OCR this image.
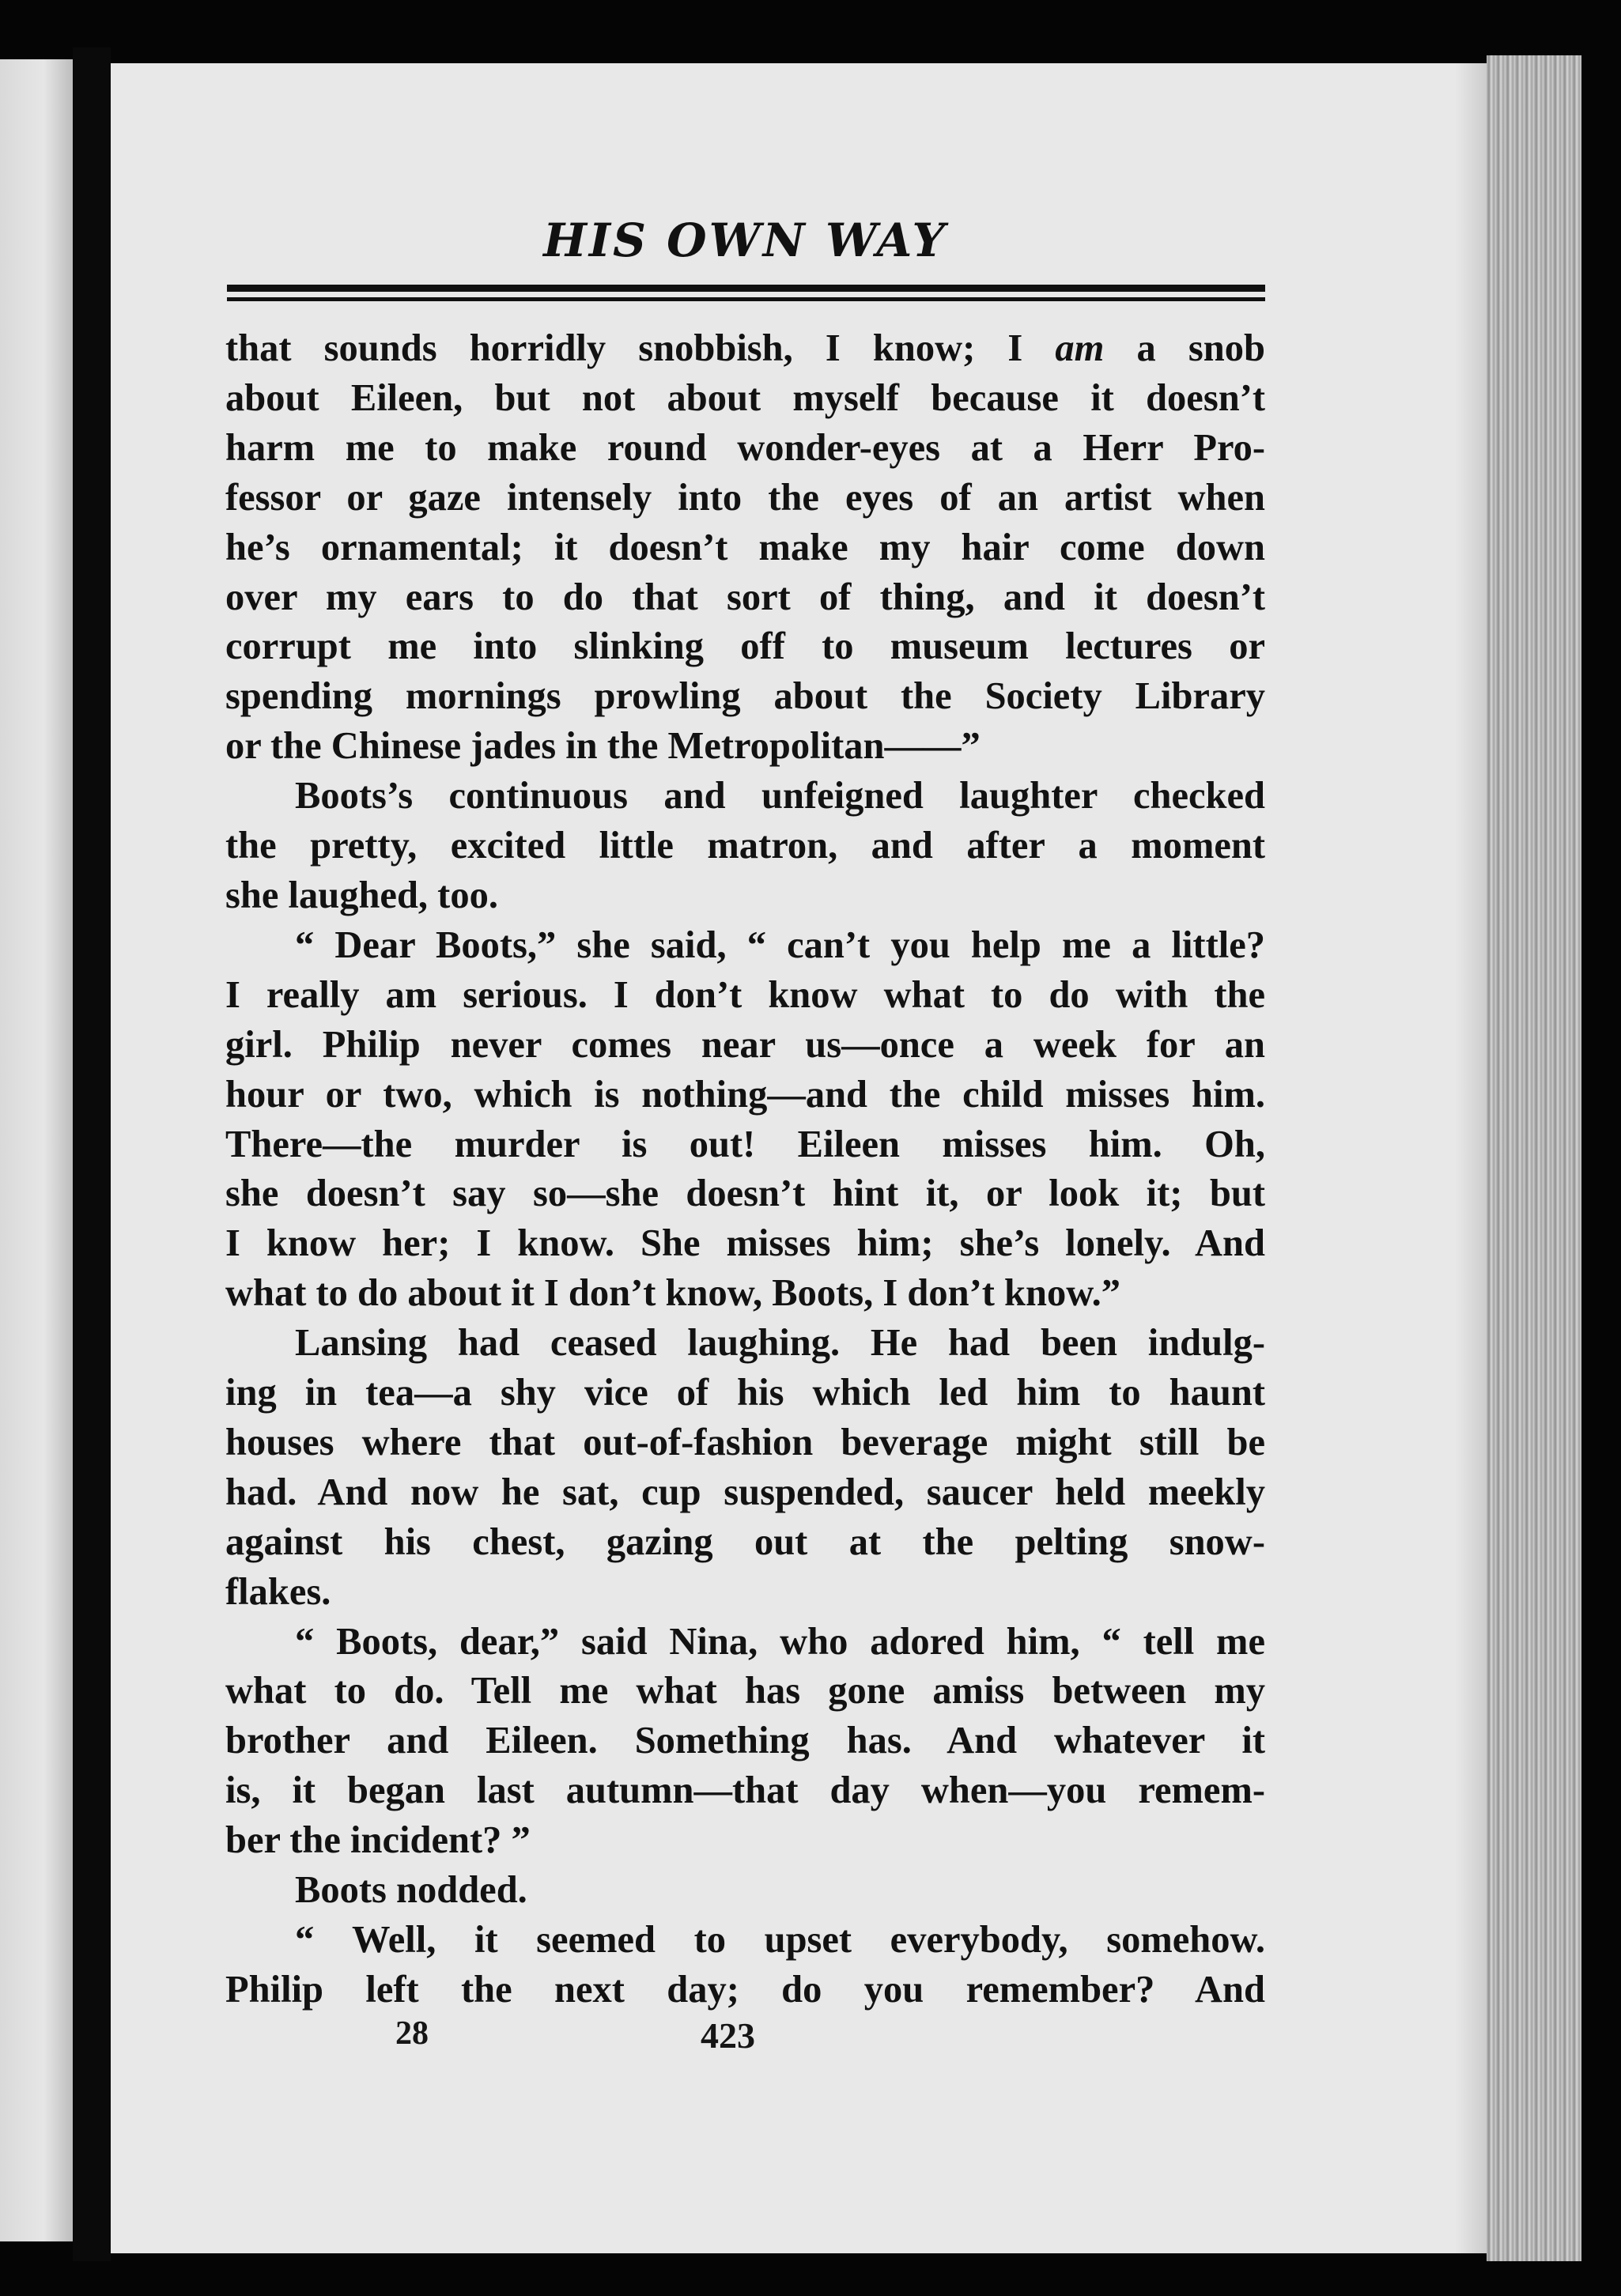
HIS OWN WAY
that sounds horridly snobbish, I know; I am a snob
about Eileen, but not about myself because it doesn’t
harm me to make round wonder-eyes at a Herr Pro-
fessor or gaze intensely into the eyes of an artist when
he’s ornamental; it doesn’t make my hair come down
over my ears to do that sort of thing, and it doesn’t
corrupt me into slinking off to museum lectures or
spending mornings prowling about the Society Library
or the Chinese jades in the Metropolitan——”
Boots’s continuous and unfeigned laughter checked
the pretty, excited little matron, and after a moment
she laughed, too.
“ Dear Boots,” she said, “ can’t you help me a little?
I really am serious. I don’t know what to do with the
girl. Philip never comes near us—once a week for an
hour or two, which is nothing—and the child misses him.
There—the murder is out! Eileen misses him. Oh,
she doesn’t say so—she doesn’t hint it, or look it; but
I know her; I know. She misses him; she’s lonely. And
what to do about it I don’t know, Boots, I don’t know.”
Lansing had ceased laughing. He had been indulg-
ing in tea—a shy vice of his which led him to haunt
houses where that out-of-fashion beverage might still be
had. And now he sat, cup suspended, saucer held meekly
against his chest, gazing out at the pelting snow-
flakes.
“ Boots, dear,” said Nina, who adored him, “ tell me
what to do. Tell me what has gone amiss between my
brother and Eileen. Something has. And whatever it
is, it began last autumn—that day when—you remem-
ber the incident? ”
Boots nodded.
“ Well, it seemed to upset everybody, somehow.
Philip left the next day; do you remember? And
28	423
